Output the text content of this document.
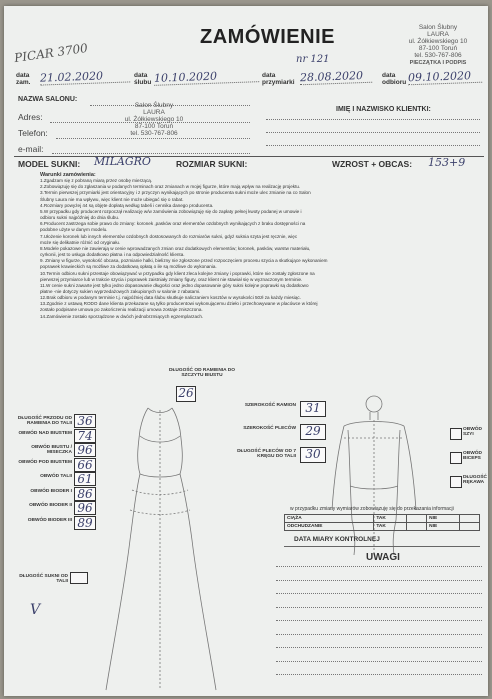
PICAR 3700
ZAMÓWIENIE
nr 121
Salon Ślubny
LAURA
ul. Żółkiewskiego 10
87-100 Toruń
tel. 530-767-806
PIECZĄTKA I PODPIS
data
zam. 21.02.2020	data
ślubu 10.10.2020	data
przymiarki 28.08.2020	data
odbioru 09.10.2020
NAZWA SALONU:
Salon Ślubny
LAURA
ul. Żółkiewskiego 10
87-100 Toruń
tel. 530-767-806
Adres:
Telefon:
e-mail:
IMIĘ I NAZWISKO KLIENTKI:
MODEL SUKNI: MILAGRO	ROZMIAR SUKNI:	WZROST + OBCAS: 153+9
Warunki zamówienia:
1.Zgadzam się z pobraną miarą przez osobę mierzącą.
2.Zobowiązuję się do zgłaszania w podanych terminach oraz zmianach w mojej figurze, które mają wpływ na realizację projektu.
3.Termin pierwszej przymiarki jest orientacyjny i z przyczyn wynikających po stronie producenta sukni może ulec zmianie na co Salon
Ślubny Laura nie ma wpływu, więc klient nie może ubiegać się o rabat.
4.Rozmiary powyżej 44 są objęte dopłatą według tabeli i cennika danego producenta.
5.W przypadku gdy producent rozpoczął realizację w/w zamówienia zobowiązuję się do zapłaty pełnej kwoty podanej w umowie i
odbioru sukni najpóźniej do dnia ślubu.
6.Producent zastrzega sobie prawo do zmiany: koronek ,pasków oraz elementów ozdobnych wynikających z braku dostępności na
podobne użyte w danym modelu.
7.Ułożenie koronek lub innych elementów ozdobnych dostosowanych do rozmiarów sukni, gdyż suknia szyta jest ręcznie, więc
może się delikatnie różnić od oryginału.
8.Modele pokazowe nie zawierają w cenie wprowadzanych zmian oraz dodatkowych elementów; koronek, pasków, warstw materiału,
cyrkonii, jest to usługa dodatkowo płatna i na odpowiedzialność klienta.
9. Zmiany w figurze, wysokość obcasa, pozmianie halki, bielizny nie zgłoszone przed rozpoczęciem procesu szycia a skutkujące wykonaniem
poprawek krawieckich są możliwe za dodatkową opłatą o ile są możliwe do wykonania.
10.Termin odbioru sukni przestaje obowiązywać w przypadku gdy klient zleca kolejne zmiany i poprawki, które nie zostały zgłoszone na
pierwszej przymiarce lub w trakcie szycia i poprawek zaistniały zmiany figury, oraz klient nie stawiał się w wyznaczonym terminie.
11.W cenie sukni zawarte jest tylko jedno dopasowanie długości oraz jedno dopasowanie góry sukni kolejne poprawki są dodatkowo
płatne -nie dotyczy sukien wyprzedażowych zakupionych w salonie z rabatami.
12.Brak odbioru w podanym terminie t.j. najpóźniej data ślubu skutkuje naliczaniem kosztów w wysokości 50zł za każdy miesiąc.
13.Zgodnie z ustawą RODO dane klienta przekazane są tylko producentowi wykonującemu dzieło i przechowywane w placówce w której
zostało podpisane umowa po zakończeniu realizacji umowa zostaje zniszczona.
14.Zamówienie zostało sporządzone w dwóch jednobrzmiących egzemplarzach.
DŁUGOŚĆ PRZODU OD RAMIENIA DO TALII 36
OBWÓD NAD BIUSTEM 74
OBWÓD BIUSTU / MISECZKA 96
OBWÓD POD BIUSTEM 66
OBWÓD TALII 61
OBWÓD BIODER I 86
OBWÓD BIODER II 96
OBWÓD BIODER III 89
DŁUGOŚĆ SUKNI OD TALII
DŁUGOŚĆ OD RAMIENIA DO SZCZYTU BIUSTU
26
SZEROKOŚĆ RAMION 31
SZEROKOŚĆ PLECÓW 29
DŁUGOŚĆ PLECÓW OD 7 KRĘGU DO TALII 30
OBWÓD SZYI
OBWÓD BICEPS
DŁUGOŚĆ RĘKAWA
w przypadku zmiany wymiarów zobowiązuję się do przekazania informacji
CIĄŻA	TAK		NIE	
ODCHUDZANIE	TAK		NIE	
DATA MIARY KONTROLNEJ
UWAGI
V
